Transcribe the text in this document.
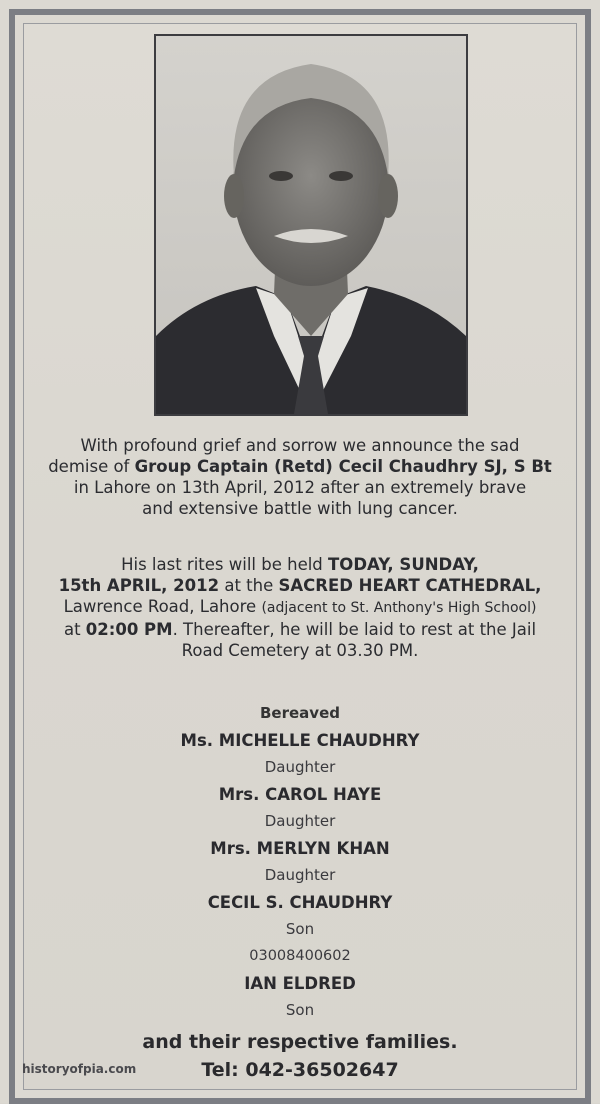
With profound grief and sorrow we announce the sad
demise of Group Captain (Retd) Cecil Chaudhry SJ, S Bt
in Lahore on 13th April, 2012 after an extremely brave
and extensive battle with lung cancer.
His last rites will be held TODAY, SUNDAY,
15th APRIL, 2012 at the SACRED HEART CATHEDRAL,
Lawrence Road, Lahore (adjacent to St. Anthony's High School)
at 02:00 PM. Thereafter, he will be laid to rest at the Jail
Road Cemetery at 03.30 PM.
Bereaved
Ms. MICHELLE CHAUDHRY
Daughter
Mrs. CAROL HAYE
Daughter
Mrs. MERLYN KHAN
Daughter
CECIL S. CHAUDHRY
Son
03008400602
IAN ELDRED
Son
and their respective families.
Tel: 042-36502647
historyofpia.com
